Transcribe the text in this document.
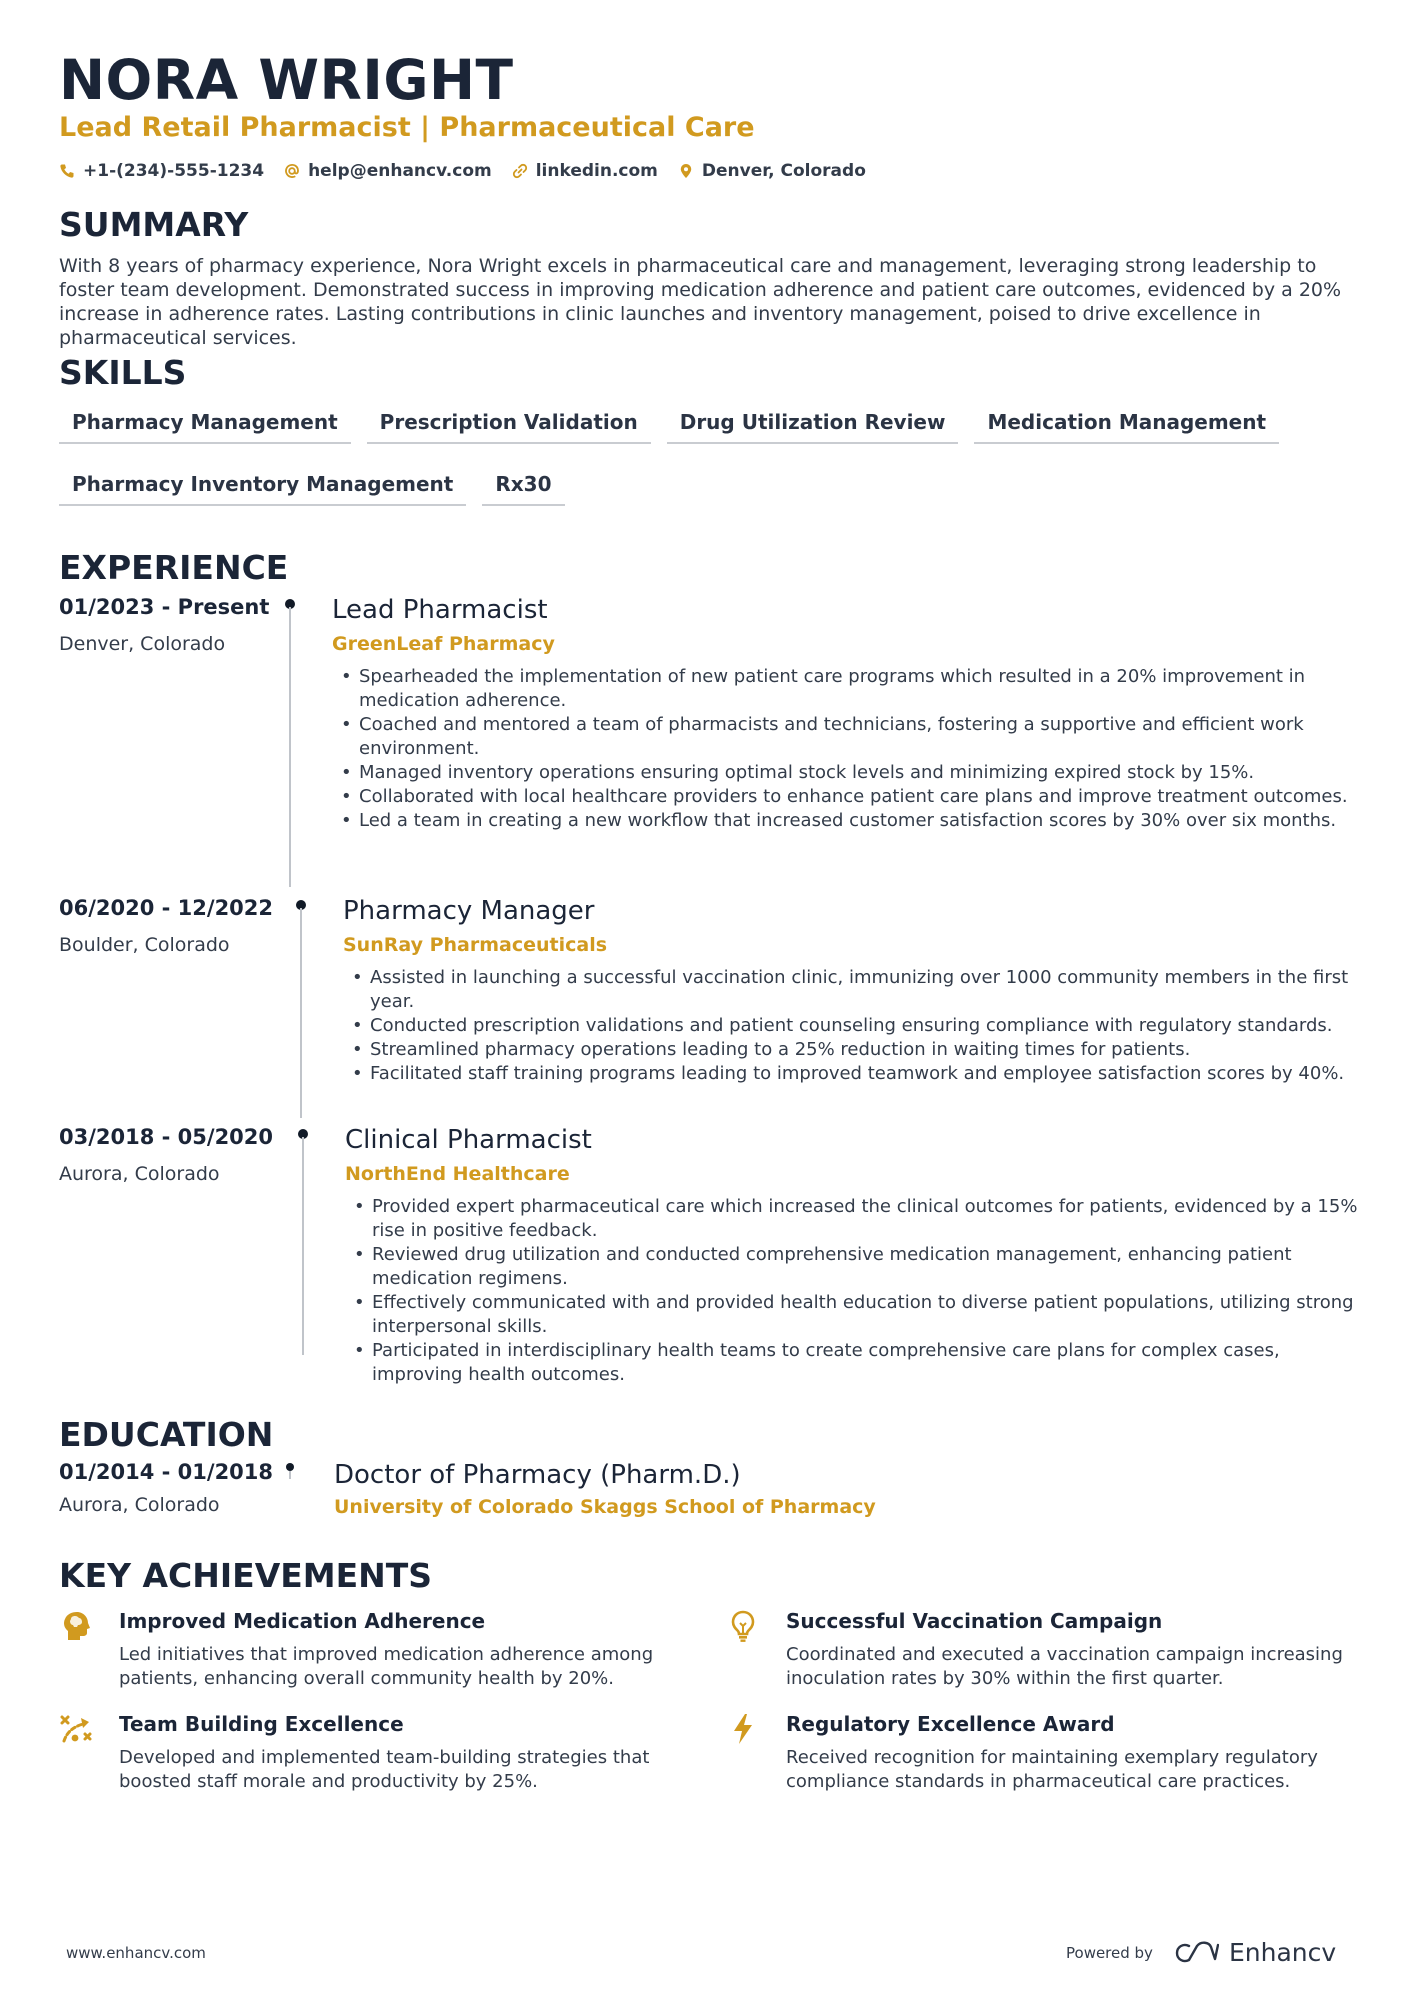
NORA WRIGHT
Lead Retail Pharmacist | Pharmaceutical Care
+1-(234)-555-1234	help@enhancv.com	linkedin.com	Denver, Colorado
SUMMARY
With 8 years of pharmacy experience, Nora Wright excels in pharmaceutical care and management, leveraging strong leadership to foster team development. Demonstrated success in improving medication adherence and patient care outcomes, evidenced by a 20% increase in adherence rates. Lasting contributions in clinic launches and inventory management, poised to drive excellence in pharmaceutical services.
SKILLS
Pharmacy Management	Prescription Validation	Drug Utilization Review	Medication Management
Pharmacy Inventory Management	Rx30
EXPERIENCE
01/2023 - Present
Denver, Colorado
Lead Pharmacist
GreenLeaf Pharmacy
• Spearheaded the implementation of new patient care programs which resulted in a 20% improvement in medication adherence.
• Coached and mentored a team of pharmacists and technicians, fostering a supportive and efficient work environment.
• Managed inventory operations ensuring optimal stock levels and minimizing expired stock by 15%.
• Collaborated with local healthcare providers to enhance patient care plans and improve treatment outcomes.
• Led a team in creating a new workflow that increased customer satisfaction scores by 30% over six months.
06/2020 - 12/2022
Boulder, Colorado
Pharmacy Manager
SunRay Pharmaceuticals
• Assisted in launching a successful vaccination clinic, immunizing over 1000 community members in the first year.
• Conducted prescription validations and patient counseling ensuring compliance with regulatory standards.
• Streamlined pharmacy operations leading to a 25% reduction in waiting times for patients.
• Facilitated staff training programs leading to improved teamwork and employee satisfaction scores by 40%.
03/2018 - 05/2020
Aurora, Colorado
Clinical Pharmacist
NorthEnd Healthcare
• Provided expert pharmaceutical care which increased the clinical outcomes for patients, evidenced by a 15% rise in positive feedback.
• Reviewed drug utilization and conducted comprehensive medication management, enhancing patient medication regimens.
• Effectively communicated with and provided health education to diverse patient populations, utilizing strong interpersonal skills.
• Participated in interdisciplinary health teams to create comprehensive care plans for complex cases, improving health outcomes.
EDUCATION
01/2014 - 01/2018
Aurora, Colorado
Doctor of Pharmacy (Pharm.D.)
University of Colorado Skaggs School of Pharmacy
KEY ACHIEVEMENTS
Improved Medication Adherence
Led initiatives that improved medication adherence among patients, enhancing overall community health by 20%.
Successful Vaccination Campaign
Coordinated and executed a vaccination campaign increasing inoculation rates by 30% within the first quarter.
Team Building Excellence
Developed and implemented team-building strategies that boosted staff morale and productivity by 25%.
Regulatory Excellence Award
Received recognition for maintaining exemplary regulatory compliance standards in pharmaceutical care practices.
www.enhancv.com	Powered by	Enhancv
